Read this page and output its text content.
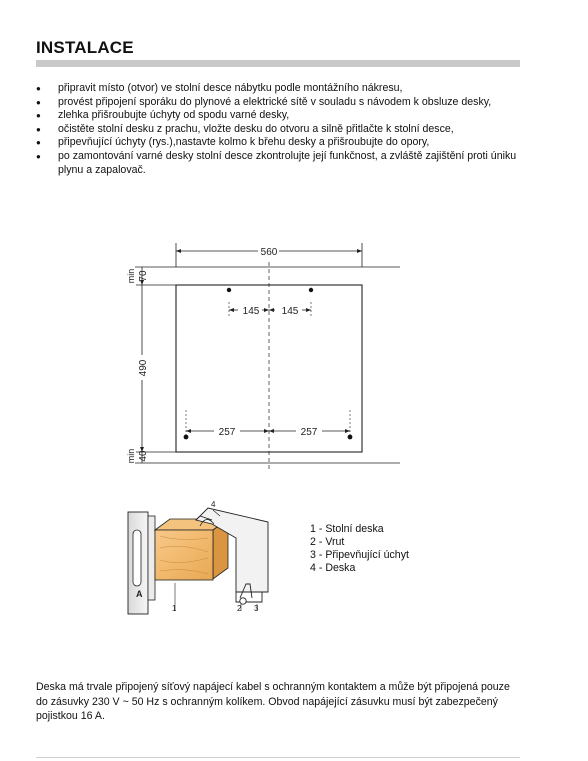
INSTALACE
● připravit místo (otvor) ve stolní desce nábytku podle montážního nákresu,
● provést připojení sporáku do plynové a elektrické sítě v souladu s návodem k obsluze desky,
● zlehka přišroubujte úchyty od spodu varné desky,
● očistěte stolní desku z prachu, vložte desku do otvoru a silně přitlačte k stolní desce,
● připevňující úchyty (rys.),nastavte kolmo k břehu desky a přišroubujte do opory,
● po zamontování varné desky stolní desce zkontrolujte její funkčnost, a zvláště zajištění proti úniku plynu a zapalovač.
560
145 145
257	257
min 70
490
min 40
4
1	2 3
A
1 - Stolní deska
2 - Vrut
3 - Připevňující úchyt
4 - Deska
Deska má trvale připojený síťový napájecí kabel s ochranným kontaktem a může být připojená pouze do zásuvky 230 V ~ 50 Hz s ochranným kolíkem. Obvod napájející zásuvku musí být zabezpečený pojistkou 16 A.
